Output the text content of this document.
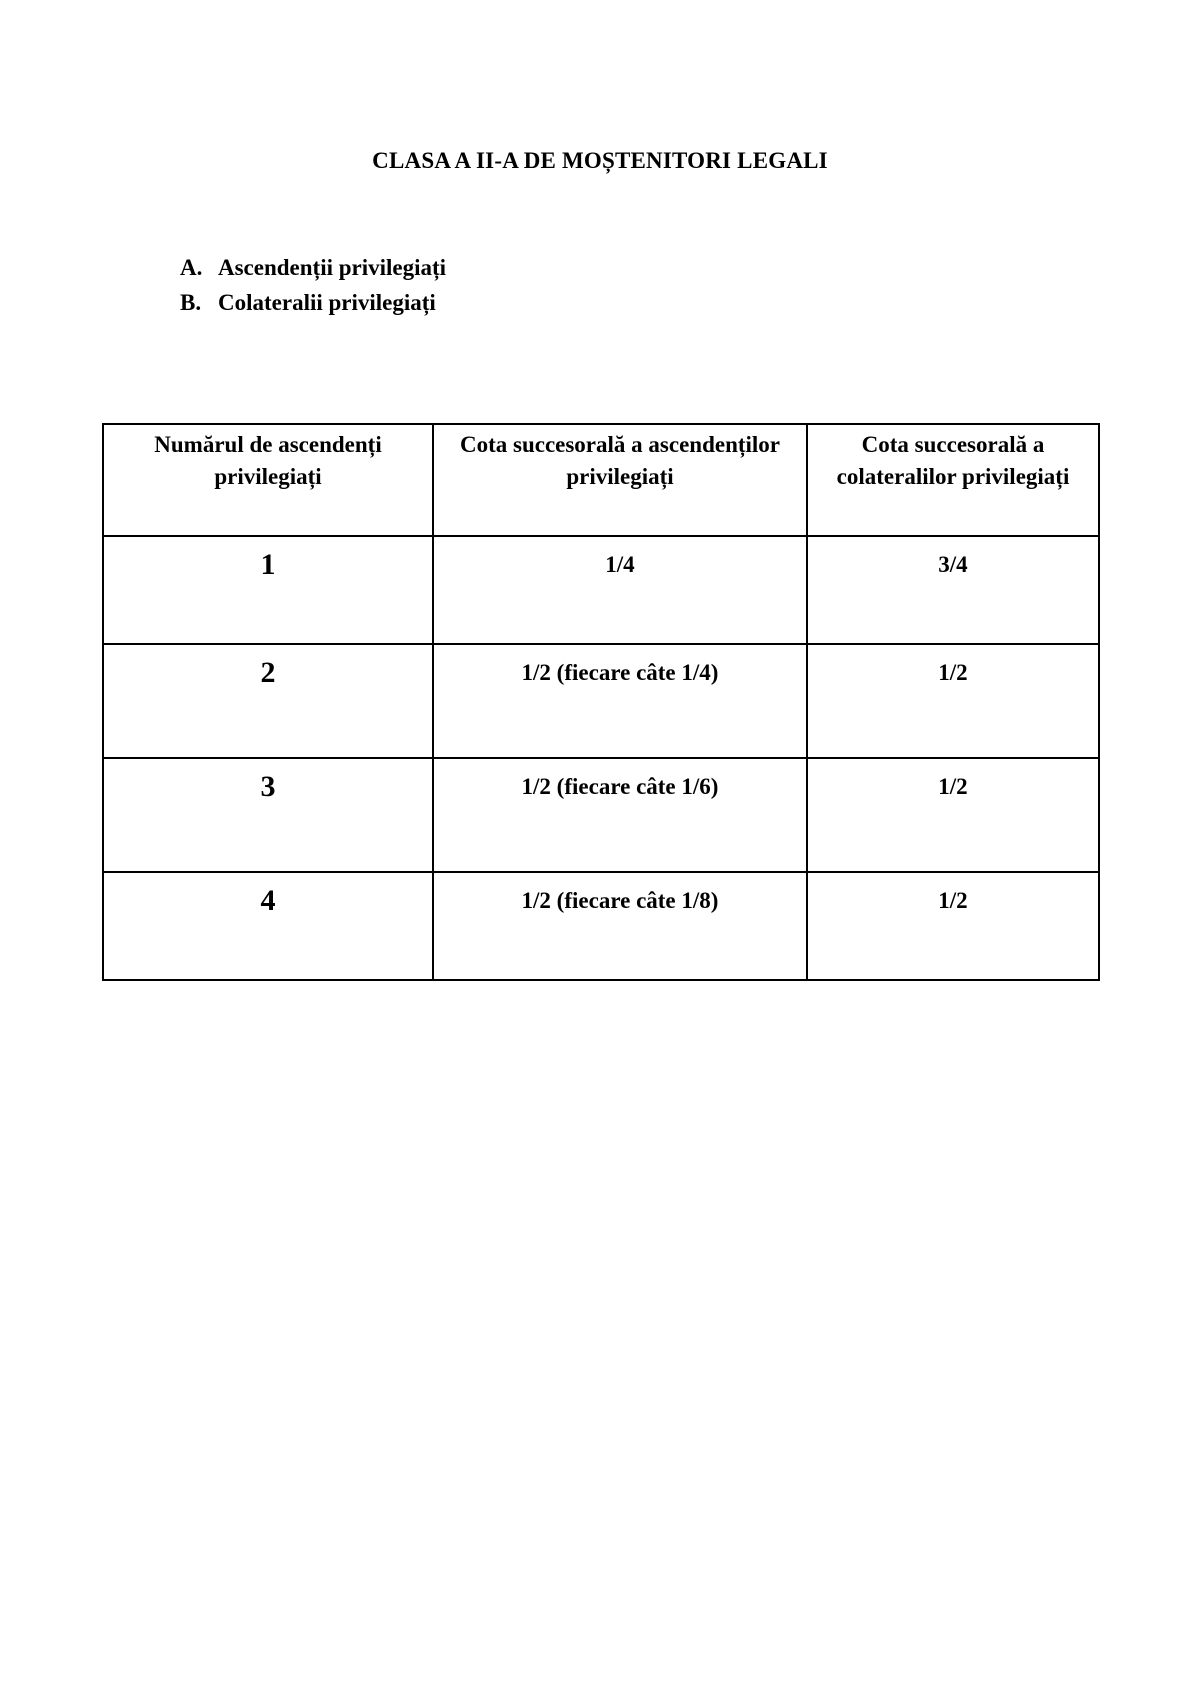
CLASA A II-A DE MOȘTENITORI LEGALI
A. Ascendenții privilegiați
B. Colateralii privilegiați
Numărul de ascendenți privilegiați	Cota succesorală a ascendenților privilegiați	Cota succesorală a colateralilor privilegiați
1	1/4	3/4
2	1/2 (fiecare câte 1/4)	1/2
3	1/2 (fiecare câte 1/6)	1/2
4	1/2 (fiecare câte 1/8)	1/2
